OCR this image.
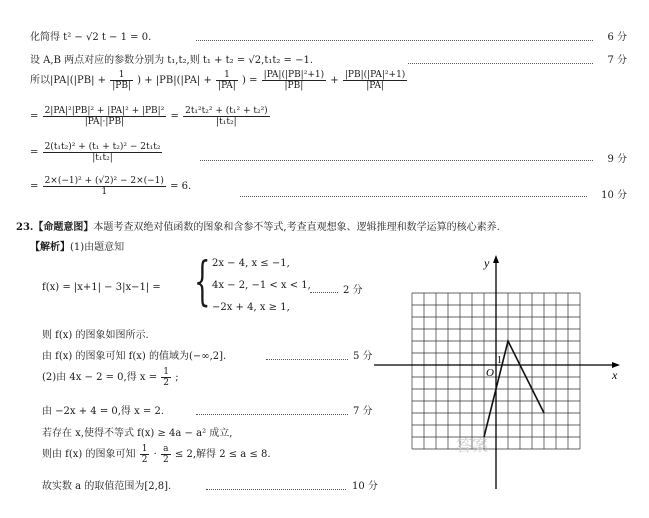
化简得 t² − √2 t − 1 = 0.	6 分
设 A,B 两点对应的参数分别为 t₁,t₂,则 t₁ + t₂ = √2,t₁t₂ = −1.	7 分
所以$|PA|(|PB| + \frac{1}{|PB|}$ ) + $|PB|(|PA| + \frac{1}{|PA|}$ ) = $\frac{\text{|PA|(|PB|²+1)}}{|PB|} + \frac{\text{|PB|(|PA|²+1)}}{|PA|}$
= $\frac{\text{2|PA|²|PB|² + |PA|² + |PB|²}}{|PA|\cdot|PB|} = \frac{\text{2t₁²t₂² + (t₁² + t₂²)}}{\text{|t₁t₂|}}$
= $\frac{\text{2(t₁t₂)² + (t₁ + t₂)² − 2t₁t₂}}{\text{|t₁t₂|}}$	9 分
= $\frac{\text{2×(−1)² + (√2)² − 2×(−1)}}{1} = 6$.
10 分
23.【命题意图】本题考查双绝对值函数的图象和含参不等式,考查直观想象、逻辑推理和数学运算的核心素养.
【解析】(1)由题意知
f(x) = |x+1| − 3|x−1| = { 2x − 4, x ≤ −1,
4x − 2, −1 < x < 1,
−2x + 4, x ≥ 1,
2 分
则 f(x) 的图象如图所示.
由 f(x) 的图象可知 f(x) 的值域为(−∞,2].	5 分
(2)由 4x − 2 = 0,得 $x = \frac{1}{2}$ ;
由 −2x + 4 = 0,得 x = 2.	7 分
若存在 x,使得不等式 f(x) ≥ 4a − a² 成立,
则由 f(x) 的图象可知 $\frac{1}{2} \cdot \frac{a}{2} \le 2$,解得 2 ≤ a ≤ 8.
故实数 a 的取值范围为[2,8].	10 分
y
x
O
1
答案
